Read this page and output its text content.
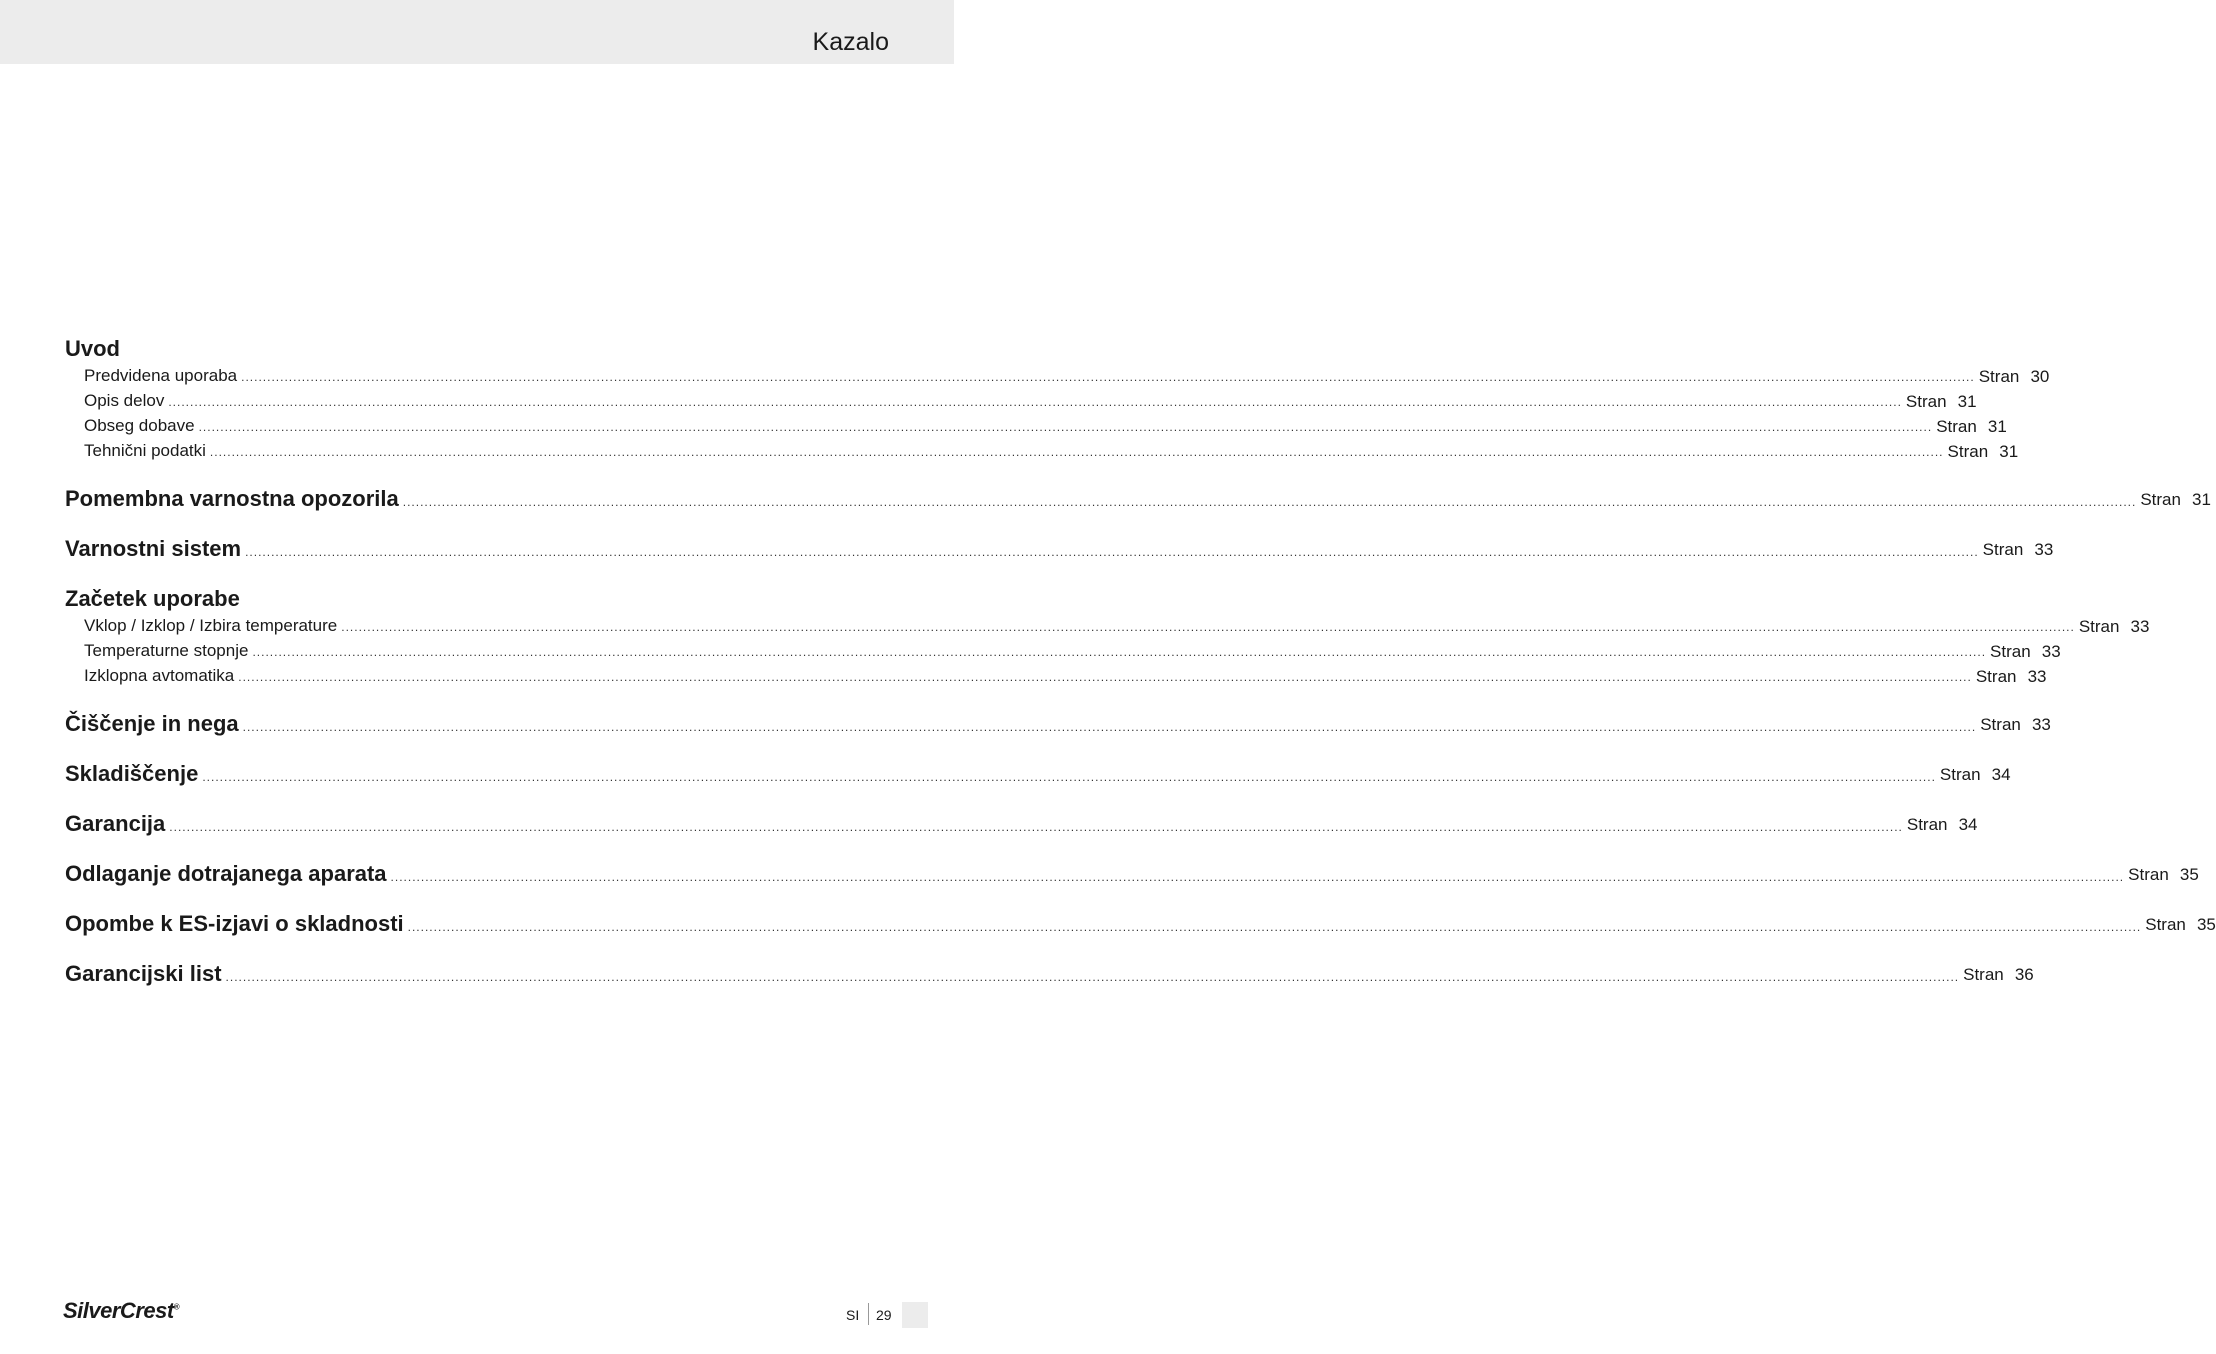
Kazalo
Uvod
Predvidena uporaba ................................................................................................................................................................................................................................................................................................................................................................................................................ Stran 30
Opis delov ................................................................................................................................................................................................................................................................................................................................................................................................................ Stran 31
Obseg dobave ................................................................................................................................................................................................................................................................................................................................................................................................................ Stran 31
Tehnični podatki ................................................................................................................................................................................................................................................................................................................................................................................................................ Stran 31
Pomembna varnostna opozorila ................................................................................................................................................................................................................................................................................................................................................................................................................ Stran 31
Varnostni sistem ................................................................................................................................................................................................................................................................................................................................................................................................................ Stran 33
Začetek uporabe
Vklop / Izklop / Izbira temperature ................................................................................................................................................................................................................................................................................................................................................................................................................ Stran 33
Temperaturne stopnje ................................................................................................................................................................................................................................................................................................................................................................................................................ Stran 33
Izklopna avtomatika ................................................................................................................................................................................................................................................................................................................................................................................................................ Stran 33
Čiščenje in nega ................................................................................................................................................................................................................................................................................................................................................................................................................ Stran 33
Skladiščenje ................................................................................................................................................................................................................................................................................................................................................................................................................ Stran 34
Garancija ................................................................................................................................................................................................................................................................................................................................................................................................................ Stran 34
Odlaganje dotrajanega aparata ................................................................................................................................................................................................................................................................................................................................................................................................................ Stran 35
Opombe k ES-izjavi o skladnosti ................................................................................................................................................................................................................................................................................................................................................................................................................ Stran 35
Garancijski list ................................................................................................................................................................................................................................................................................................................................................................................................................ Stran 36
SilverCrest®	SI 29
